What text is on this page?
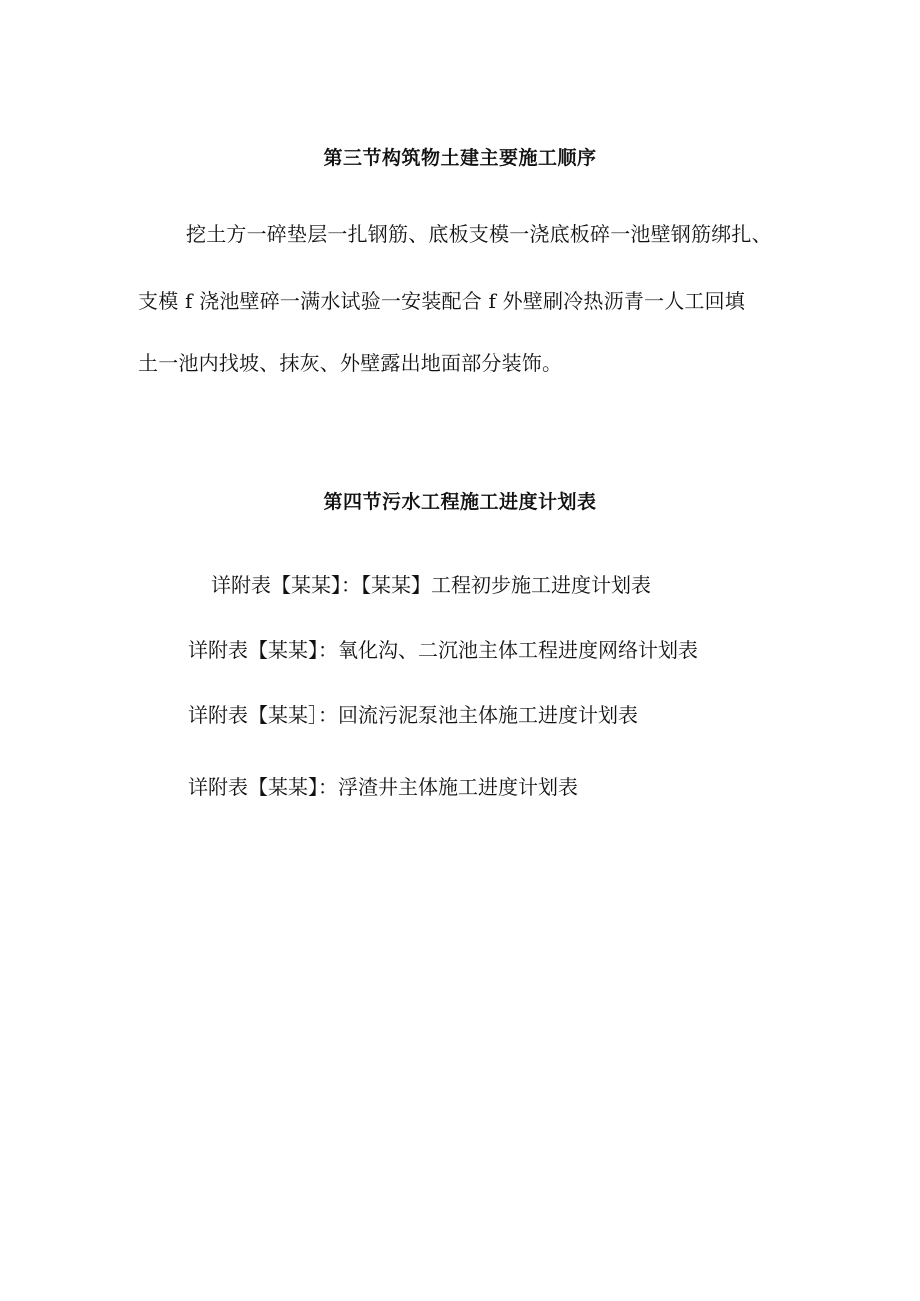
第三节构筑物土建主要施工顺序
挖土方一碎垫层一扎钢筋、底板支模一浇底板碎一池壁钢筋绑扎、
支模 f 浇池壁碎一满水试验一安装配合 f 外壁刷冷热沥青一人工回填
土一池内找坡、抹灰、外壁露出地面部分装饰。
第四节污水工程施工进度计划表
详附表【某某】：【某某】工程初步施工进度计划表
详附表【某某】：氧化沟、二沉池主体工程进度网络计划表
详附表【某某］：回流污泥泵池主体施工进度计划表
详附表【某某】：浮渣井主体施工进度计划表
